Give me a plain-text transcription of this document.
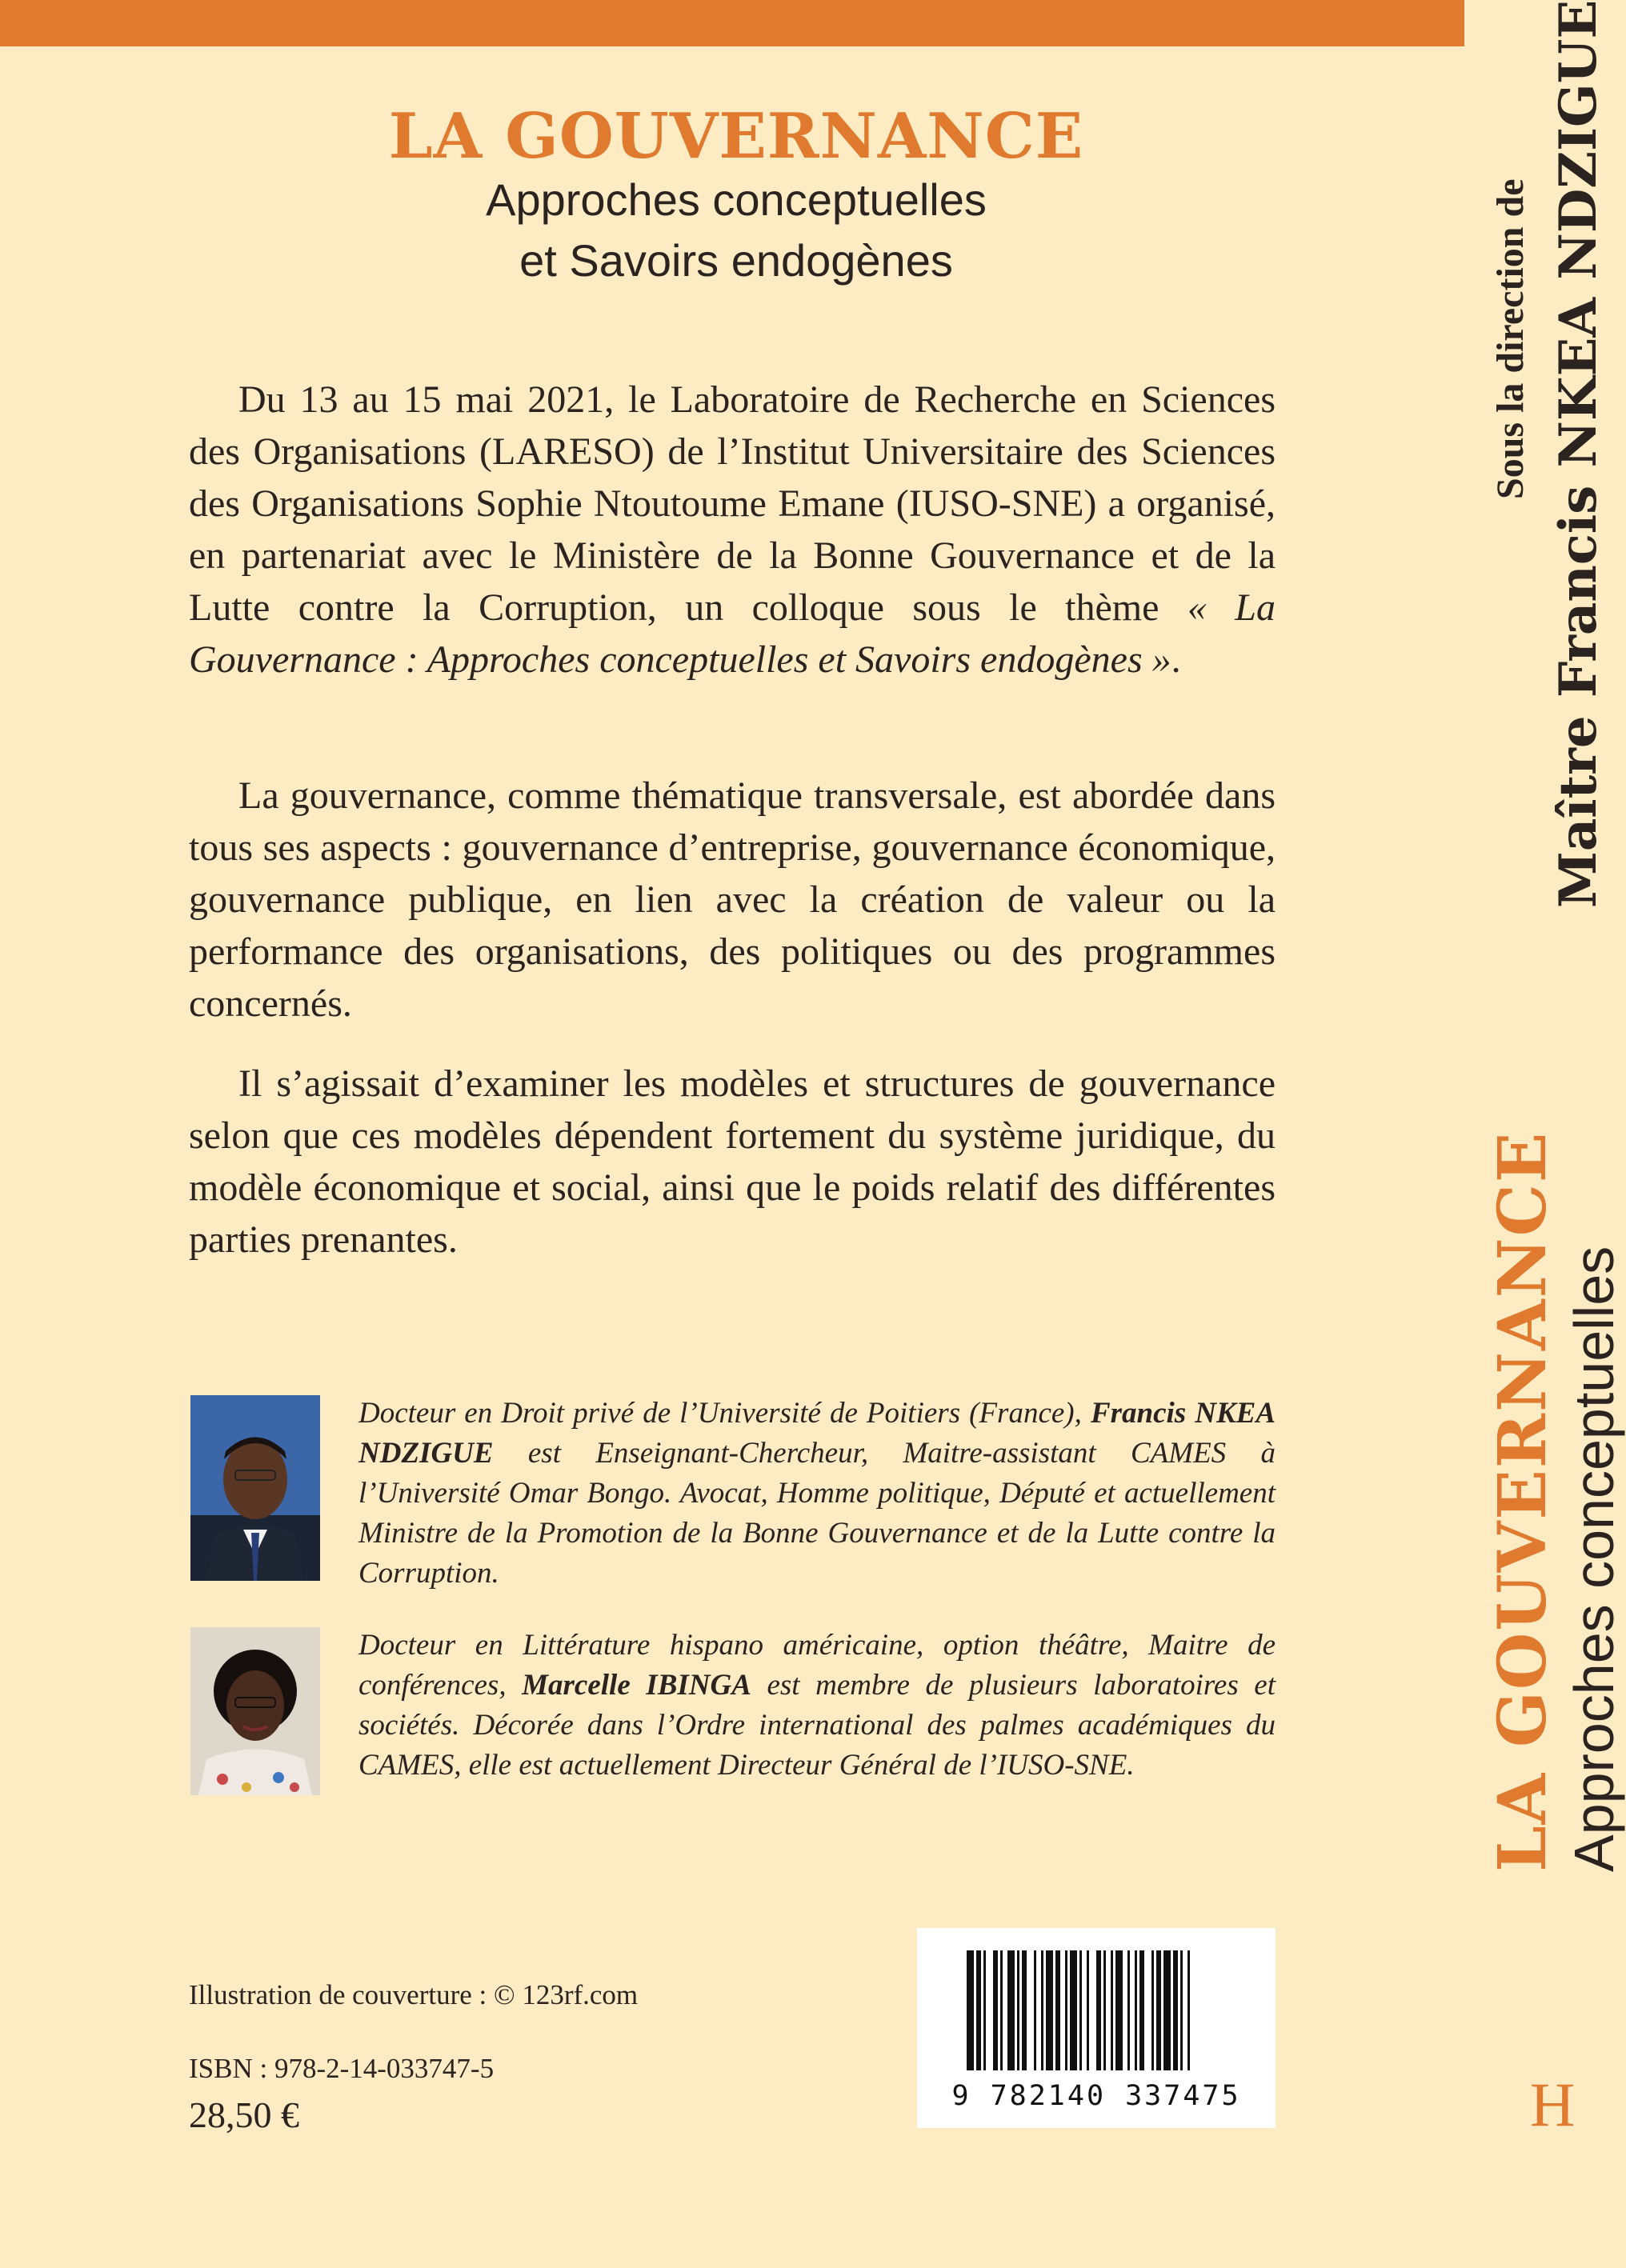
LA GOUVERNANCE
Approches conceptuelles
et Savoirs endogènes

Du 13 au 15 mai 2021, le Laboratoire de Recherche en Sciences des Organisations (LARESO) de l’Institut Universitaire des Sciences des Organisations Sophie Ntoutoume Emane (IUSO-SNE) a organisé, en partenariat avec le Ministère de la Bonne Gouvernance et de la Lutte contre la Corruption, un colloque sous le thème « La Gouvernance : Approches conceptuelles et Savoirs endogènes ».

La gouvernance, comme thématique transversale, est abordée dans tous ses aspects : gouvernance d’entreprise, gouvernance économique, gouvernance publique, en lien avec la création de valeur ou la performance des organisations, des politiques ou des programmes concernés.

Il s’agissait d’examiner les modèles et structures de gouvernance selon que ces modèles dépendent fortement du système juridique, du modèle économique et social, ainsi que le poids relatif des différentes parties prenantes.

Docteur en Droit privé de l’Université de Poitiers (France), Francis NKEA NDZIGUE est Enseignant-Chercheur, Maitre-assistant CAMES à l’Université Omar Bongo. Avocat, Homme politique, Député et actuellement Ministre de la Promotion de la Bonne Gouvernance et de la Lutte contre la Corruption.
Docteur en Littérature hispano américaine, option théâtre, Maitre de conférences, Marcelle IBINGA est membre de plusieurs laboratoires et sociétés. Décorée dans l’Ordre international des palmes académiques du CAMES, elle est actuellement Directeur Général de l’IUSO-SNE.
Illustration de couverture : © 123rf.com
ISBN : 978-2-14-033747-5
28,50 €	9 782140 337475
Sous la direction de Maître Francis NKEA NDZIGUE
LA GOUVERNANCE Approches conceptuelles
H
